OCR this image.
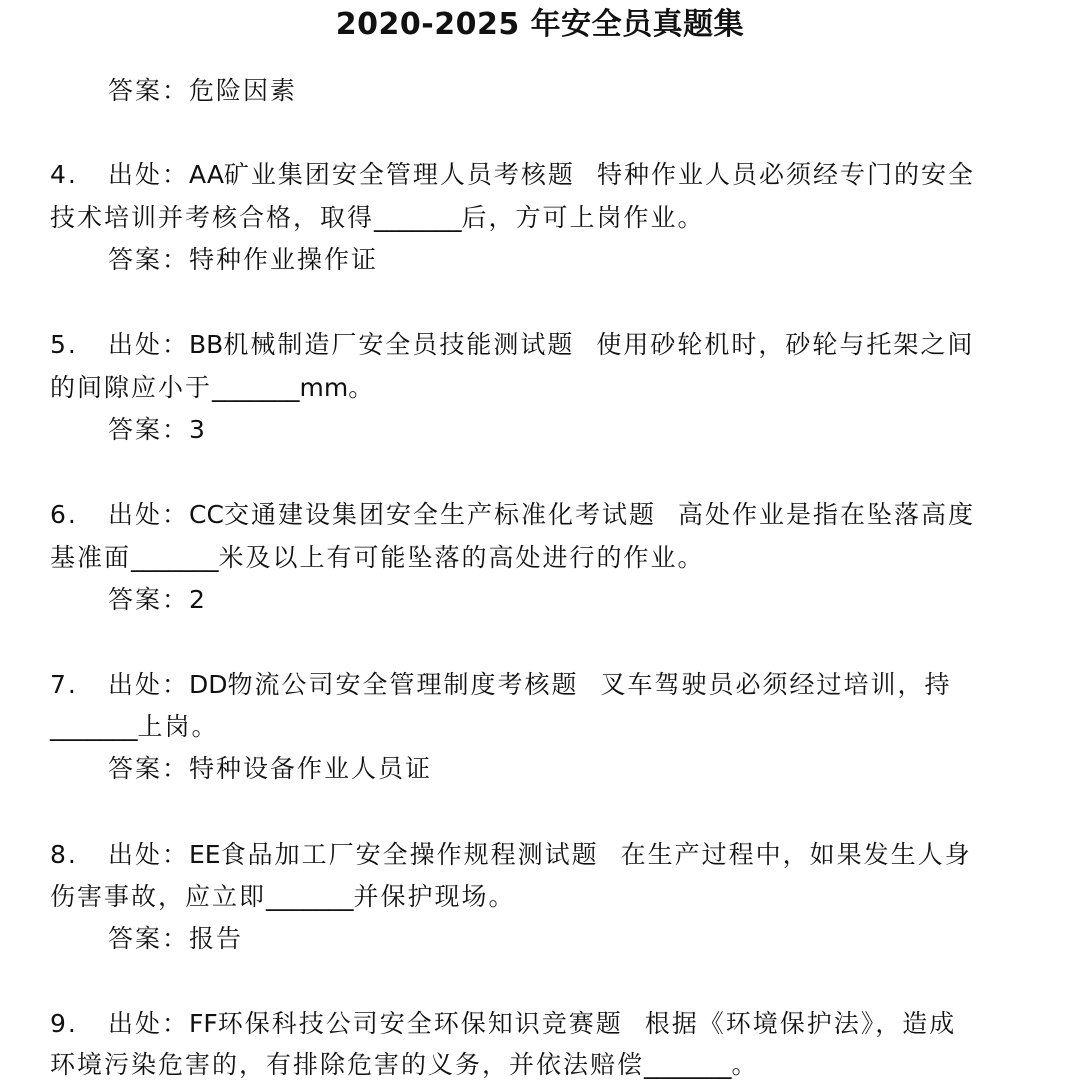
2020-2025 年安全员真题集
答案：危险因素
4. 出处：AA矿业集团安全管理人员考核题 特种作业人员必须经专门的安全
技术培训并考核合格，取得_______后，方可上岗作业。
答案：特种作业操作证
5. 出处：BB机械制造厂安全员技能测试题 使用砂轮机时，砂轮与托架之间
的间隙应小于_______mm。
答案：3
6. 出处：CC交通建设集团安全生产标准化考试题 高处作业是指在坠落高度
基准面_______米及以上有可能坠落的高处进行的作业。
答案：2
7. 出处：DD物流公司安全管理制度考核题 叉车驾驶员必须经过培训，持
_______上岗。
答案：特种设备作业人员证
8. 出处：EE食品加工厂安全操作规程测试题 在生产过程中，如果发生人身
伤害事故，应立即_______并保护现场。
答案：报告
9. 出处：FF环保科技公司安全环保知识竞赛题 根据《环境保护法》，造成
环境污染危害的，有排除危害的义务，并依法赔偿_______。
